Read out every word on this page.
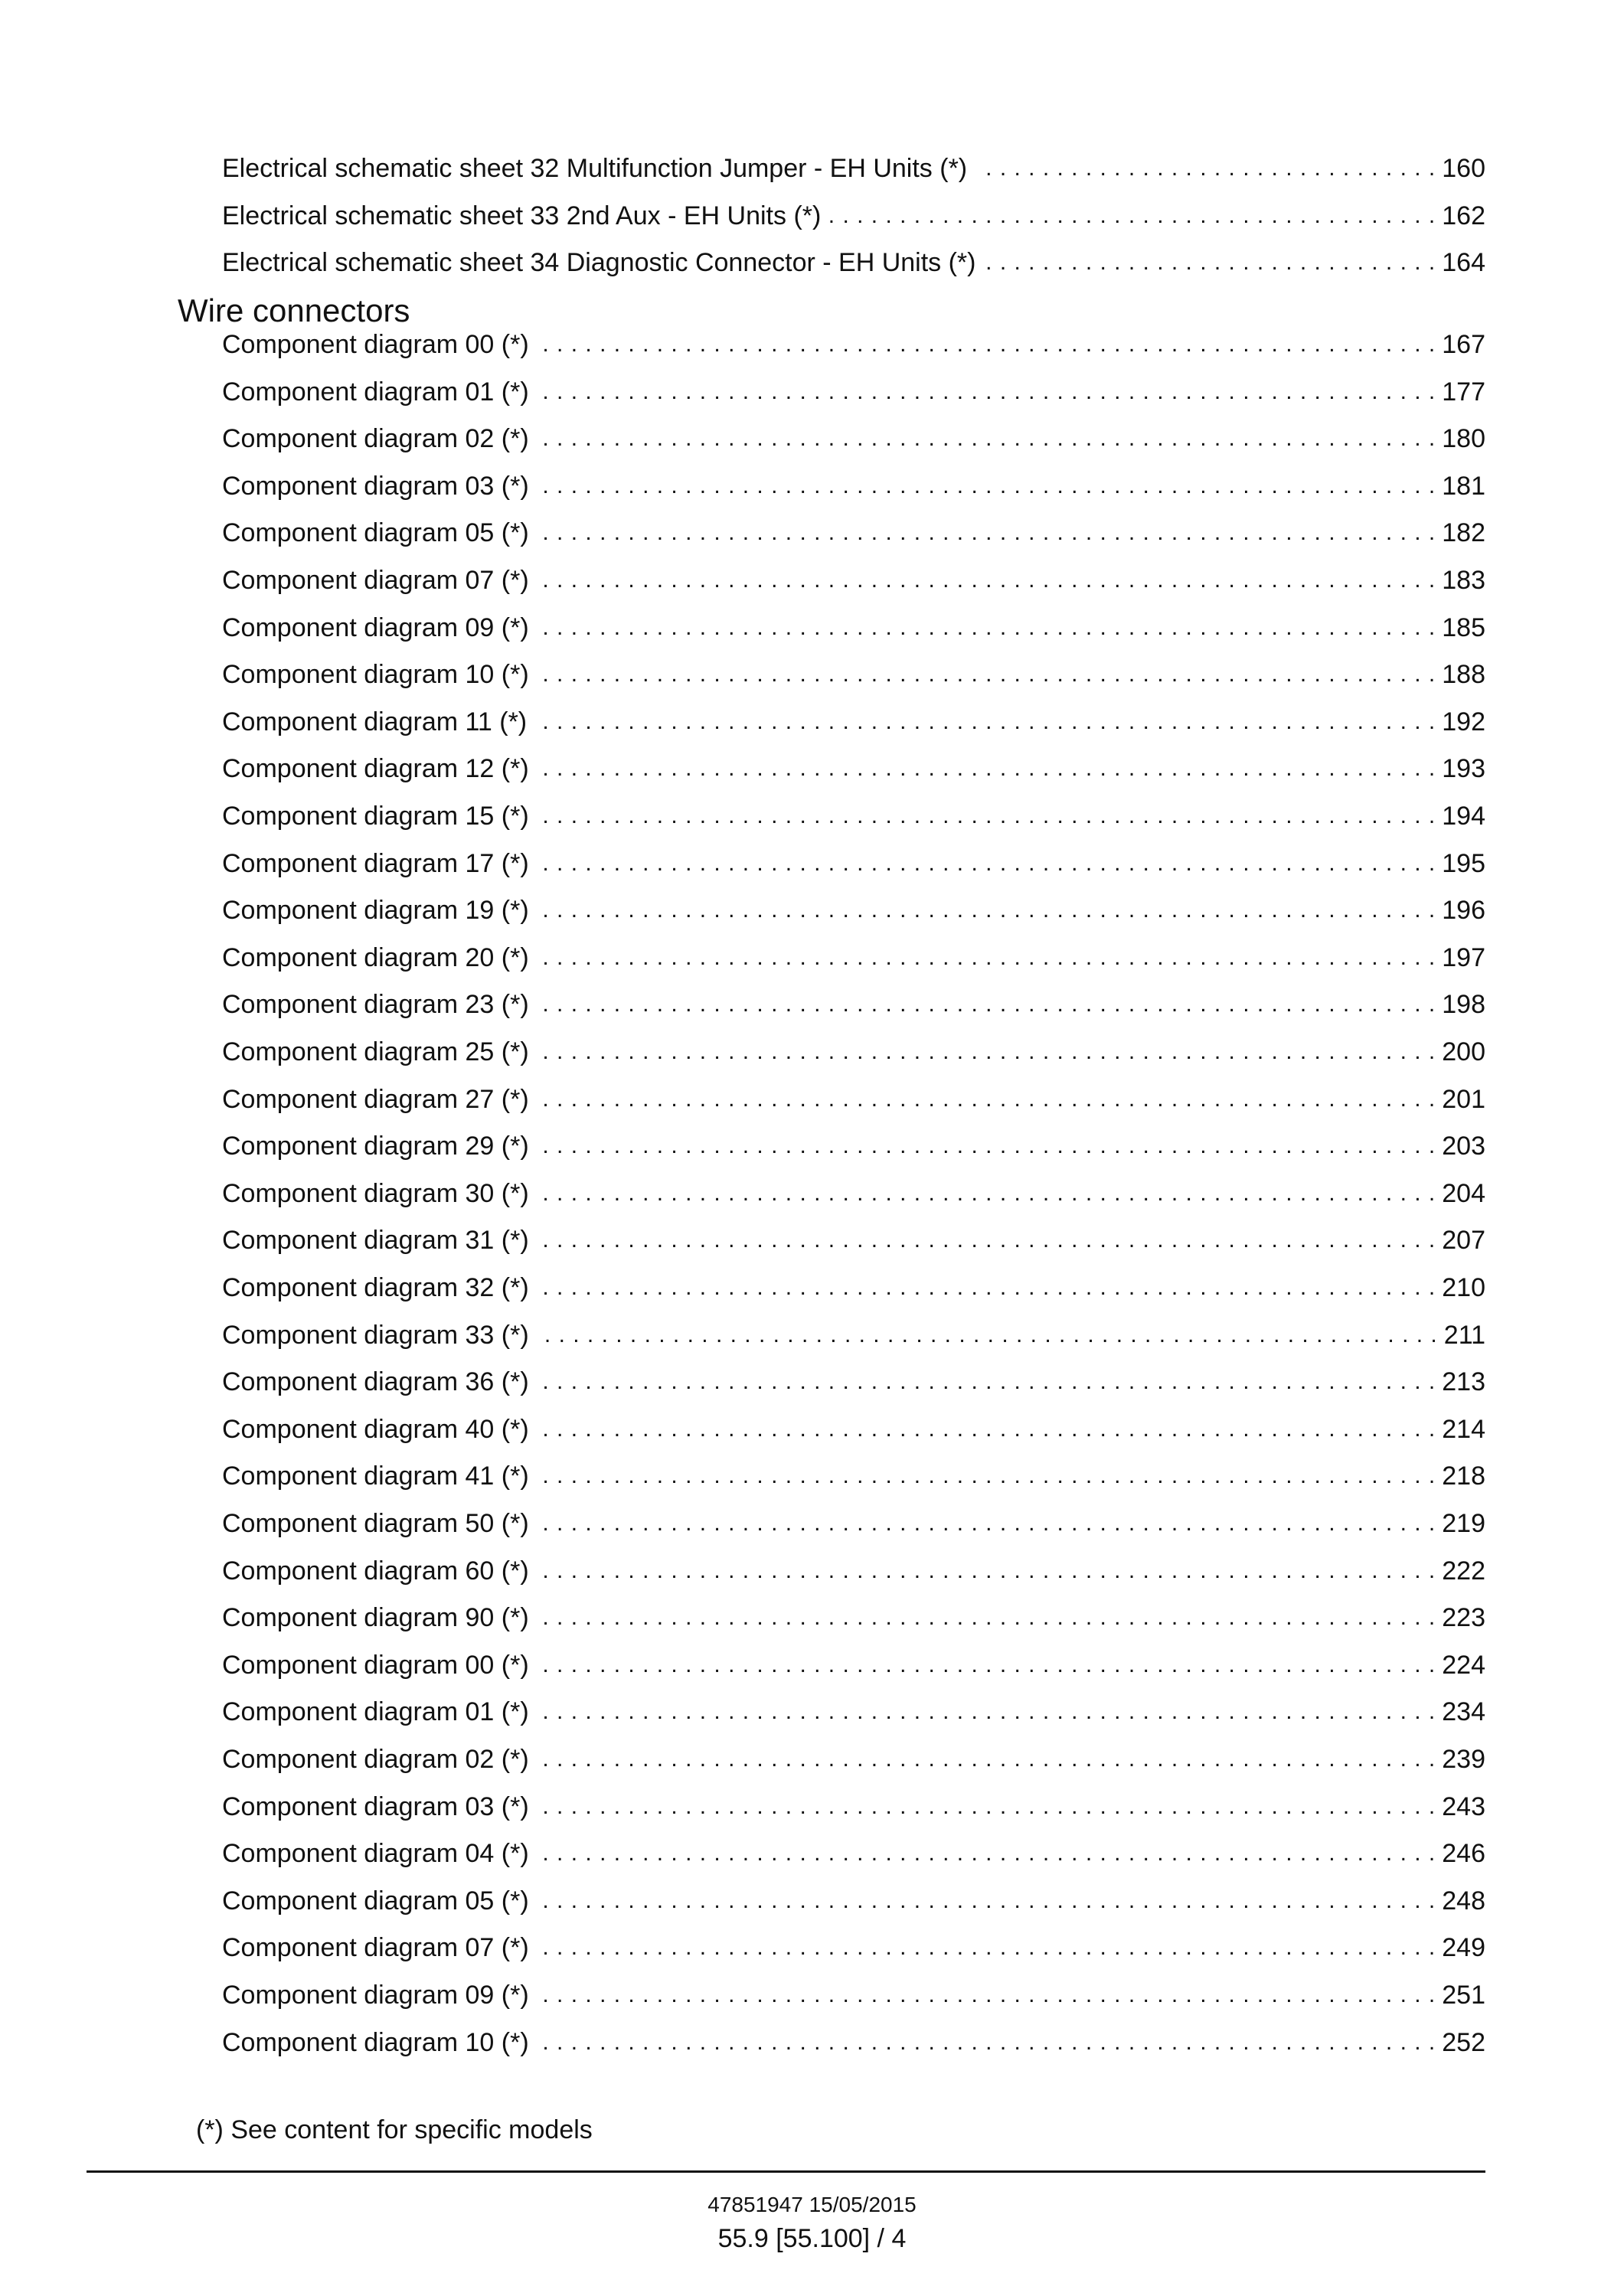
Electrical schematic sheet 32 Multifunction Jumper - EH Units (*) . . .	160
Electrical schematic sheet 33 2nd Aux - EH Units (*) . . .	162
Electrical schematic sheet 34 Diagnostic Connector - EH Units (*) . . .	164
Wire connectors
Component diagram 00 (*) . . .	167
Component diagram 01 (*) . . .	177
Component diagram 02 (*) . . .	180
Component diagram 03 (*) . . .	181
Component diagram 05 (*) . . .	182
Component diagram 07 (*) . . .	183
Component diagram 09 (*) . . .	185
Component diagram 10 (*) . . .	188
Component diagram 11 (*) . . .	192
Component diagram 12 (*) . . .	193
Component diagram 15 (*) . . .	194
Component diagram 17 (*) . . .	195
Component diagram 19 (*) . . .	196
Component diagram 20 (*) . . .	197
Component diagram 23 (*) . . .	198
Component diagram 25 (*) . . .	200
Component diagram 27 (*) . . .	201
Component diagram 29 (*) . . .	203
Component diagram 30 (*) . . .	204
Component diagram 31 (*) . . .	207
Component diagram 32 (*) . . .	210
Component diagram 33 (*) . . .	211
Component diagram 36 (*) . . .	213
Component diagram 40 (*) . . .	214
Component diagram 41 (*) . . .	218
Component diagram 50 (*) . . .	219
Component diagram 60 (*) . . .	222
Component diagram 90 (*) . . .	223
Component diagram 00 (*) . . .	224
Component diagram 01 (*) . . .	234
Component diagram 02 (*) . . .	239
Component diagram 03 (*) . . .	243
Component diagram 04 (*) . . .	246
Component diagram 05 (*) . . .	248
Component diagram 07 (*) . . .	249
Component diagram 09 (*) . . .	251
Component diagram 10 (*) . . .	252
(*) See content for specific models
47851947 15/05/2015
55.9 [55.100] / 4
